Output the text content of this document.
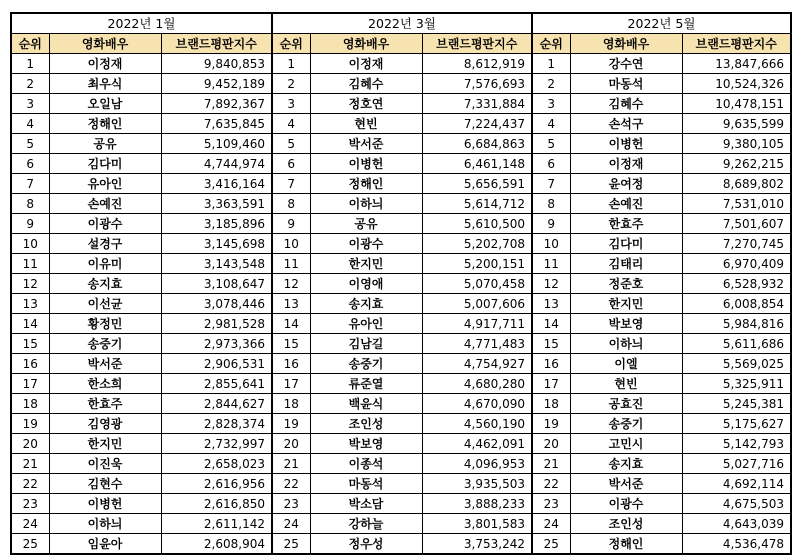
2022년 1월			2022년 3월			2022년 5월		
순위	영화배우	브랜드평판지수	순위	영화배우	브랜드평판지수	순위	영화배우	브랜드평판지수
1	이정재	9,840,853	1	이정재	8,612,919	1	강수연	13,847,666
2	최우식	9,452,189	2	김혜수	7,576,693	2	마동석	10,524,326
3	오일남	7,892,367	3	정호연	7,331,884	3	김혜수	10,478,151
4	정해인	7,635,845	4	현빈	7,224,437	4	손석구	9,635,599
5	공유	5,109,460	5	박서준	6,684,863	5	이병헌	9,380,105
6	김다미	4,744,974	6	이병헌	6,461,148	6	이정재	9,262,215
7	유아인	3,416,164	7	정해인	5,656,591	7	윤여정	8,689,802
8	손예진	3,363,591	8	이하늬	5,614,712	8	손예진	7,531,010
9	이광수	3,185,896	9	공유	5,610,500	9	한효주	7,501,607
10	설경구	3,145,698	10	이광수	5,202,708	10	김다미	7,270,745
11	이유미	3,143,548	11	한지민	5,200,151	11	김태리	6,970,409
12	송지효	3,108,647	12	이영애	5,070,458	12	정준호	6,528,932
13	이선균	3,078,446	13	송지효	5,007,606	13	한지민	6,008,854
14	황정민	2,981,528	14	유아인	4,917,711	14	박보영	5,984,816
15	송중기	2,973,366	15	김남길	4,771,483	15	이하늬	5,611,686
16	박서준	2,906,531	16	송중기	4,754,927	16	이엘	5,569,025
17	한소희	2,855,641	17	류준열	4,680,280	17	현빈	5,325,911
18	한효주	2,844,627	18	백윤식	4,670,090	18	공효진	5,245,381
19	김영광	2,828,374	19	조인성	4,560,190	19	송중기	5,175,627
20	한지민	2,732,997	20	박보영	4,462,091	20	고민시	5,142,793
21	이진욱	2,658,023	21	이종석	4,096,953	21	송지효	5,027,716
22	김현수	2,616,956	22	마동석	3,935,503	22	박서준	4,692,114
23	이병헌	2,616,850	23	박소담	3,888,233	23	이광수	4,675,503
24	이하늬	2,611,142	24	강하늘	3,801,583	24	조인성	4,643,039
25	임윤아	2,608,904	25	정우성	3,753,242	25	정해인	4,536,478
